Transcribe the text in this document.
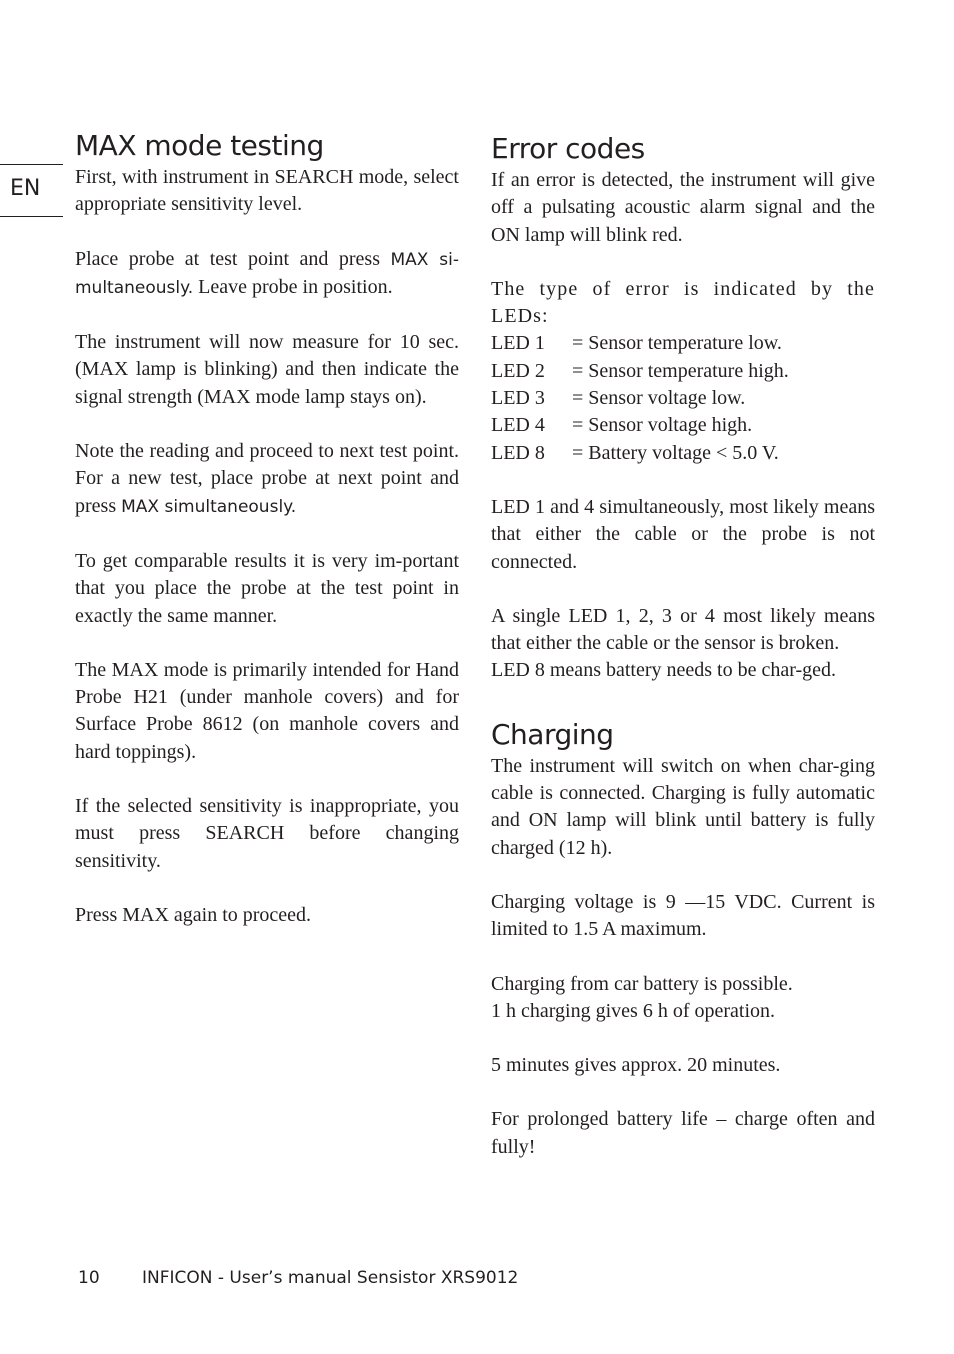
EN
MAX mode testing

First, with instrument in SEARCH mode, select appropriate sensitivity level.

Place probe at test point and press MAX si-multaneously. Leave probe in position.

The instrument will now measure for 10 sec. (MAX lamp is blinking) and then indicate the signal strength (MAX mode lamp stays on).

Note the reading and proceed to next test point. For a new test, place probe at next point and press MAX simultaneously.

To get comparable results it is very im-portant that you place the probe at the test point in exactly the same manner.

The MAX mode is primarily intended for Hand Probe H21 (under manhole covers) and for Surface Probe 8612 (on manhole covers and hard toppings).

If the selected sensitivity is inappropriate, you must press SEARCH before changing sensitivity.

Press MAX again to proceed.

Error codes

If an error is detected, the instrument will give off a pulsating acoustic alarm signal and the ON lamp will blink red.

The type of error is indicated by the LEDs:

LED 1	= Sensor temperature low.
LED 2	= Sensor temperature high.
LED 3	= Sensor voltage low.
LED 4	= Sensor voltage high.
LED 8	= Battery voltage < 5.0 V.

LED 1 and 4 simultaneously, most likely means that either the cable or the probe is not connected.

A single LED 1, 2, 3 or 4 most likely means that either the cable or the sensor is broken.

LED 8 means battery needs to be char-ged.

Charging

The instrument will switch on when char-ging cable is connected. Charging is fully automatic and ON lamp will blink until battery is fully charged (12 h).

Charging voltage is 9 —15 VDC. Current is limited to 1.5 A maximum.

Charging from car battery is possible.

1 h charging gives 6 h of operation.

5 minutes gives approx. 20 minutes.

For prolonged battery life – charge often and fully!

10 INFICON - User’s manual Sensistor XRS9012
